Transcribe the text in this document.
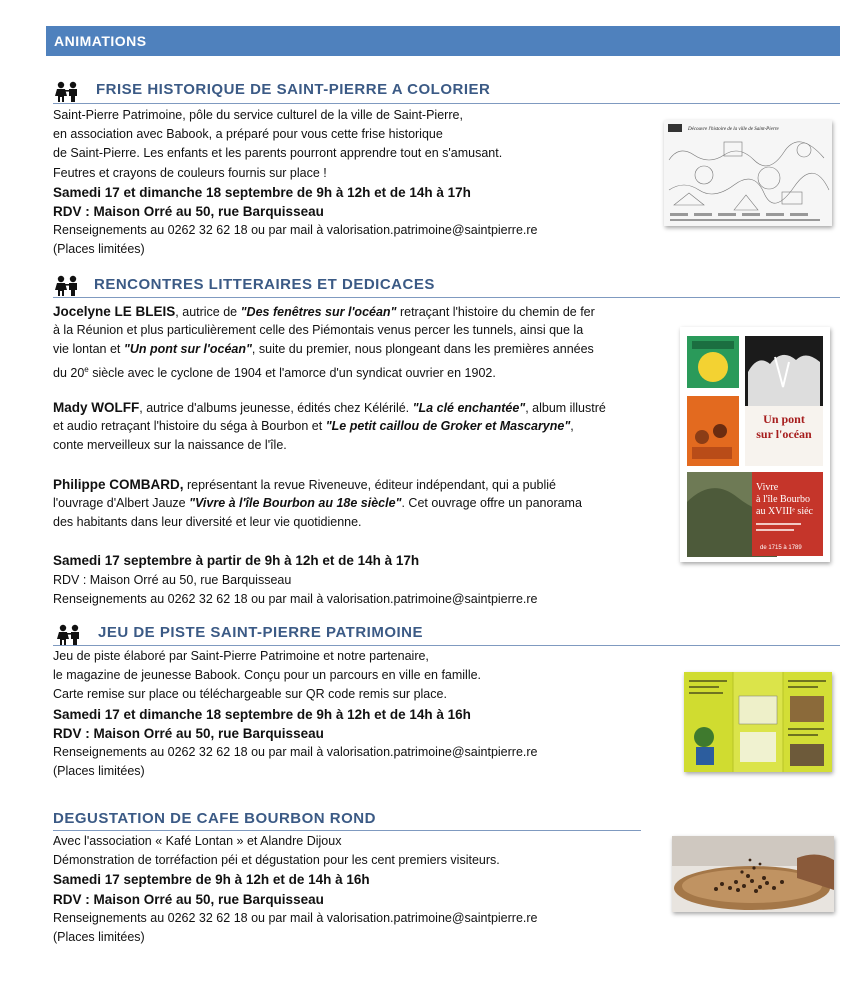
ANIMATIONS
FRISE HISTORIQUE DE SAINT-PIERRE A COLORIER
Saint-Pierre Patrimoine, pôle du service culturel de la ville de Saint-Pierre,
en association avec Babook, a préparé pour vous cette frise historique
de Saint-Pierre. Les enfants et les parents pourront apprendre tout en s'amusant.
Feutres et crayons de couleurs fournis sur place !
Samedi 17 et dimanche 18 septembre de 9h à 12h et de 14h à 17h
RDV : Maison Orré au 50, rue Barquisseau
Renseignements au 0262 32 62 18 ou par mail à valorisation.patrimoine@saintpierre.re
(Places limitées)
Découvre l'histoire de la ville de Saint-Pierre
RENCONTRES LITTERAIRES ET DEDICACES
Jocelyne LE BLEIS, autrice de "Des fenêtres sur l'océan" retraçant l'histoire du chemin de fer
à la Réunion et plus particulièrement celle des Piémontais venus percer les tunnels, ainsi que la
vie lontan et "Un pont sur l'océan", suite du premier, nous plongeant dans les premières années
du 20e siècle avec le cyclone de 1904 et l'amorce d'un syndicat ouvrier en 1902.
Mady WOLFF, autrice d'albums jeunesse, édités chez Kélérilé. "La clé enchantée", album illustré
et audio retraçant l'histoire du séga à Bourbon et "Le petit caillou de Groker et Mascaryne",
conte merveilleux sur la naissance de l'île.
Philippe COMBARD, représentant la revue Riveneuve, éditeur indépendant, qui a publié
l'ouvrage d'Albert Jauze "Vivre à l'île Bourbon au 18e siècle". Cet ouvrage offre un panorama
des habitants dans leur diversité et leur vie quotidienne.
Samedi 17 septembre à partir de 9h à 12h et de 14h à 17h
RDV : Maison Orré au 50, rue Barquisseau
Renseignements au 0262 32 62 18 ou par mail à valorisation.patrimoine@saintpierre.re
Un pont
sur l'océan
Vivre
à l'île Bourbo
au XVIIIᵉ siéc
de 1715 à 1789
JEU DE PISTE SAINT-PIERRE PATRIMOINE
Jeu de piste élaboré par Saint-Pierre Patrimoine et notre partenaire,
le magazine de jeunesse Babook. Conçu pour un parcours en ville en famille.
Carte remise sur place ou téléchargeable sur QR code remis sur place.
Samedi 17 et dimanche 18 septembre de 9h à 12h et de 14h à 16h
RDV : Maison Orré au 50, rue Barquisseau
Renseignements au 0262 32 62 18 ou par mail à valorisation.patrimoine@saintpierre.re
(Places limitées)
DEGUSTATION DE CAFE BOURBON ROND
Avec l'association « Kafé Lontan » et Alandre Dijoux
Démonstration de torréfaction péi et dégustation pour les cent premiers visiteurs.
Samedi 17 septembre de 9h à 12h et de 14h à 16h
RDV : Maison Orré au 50, rue Barquisseau
Renseignements au 0262 32 62 18 ou par mail à valorisation.patrimoine@saintpierre.re
(Places limitées)
